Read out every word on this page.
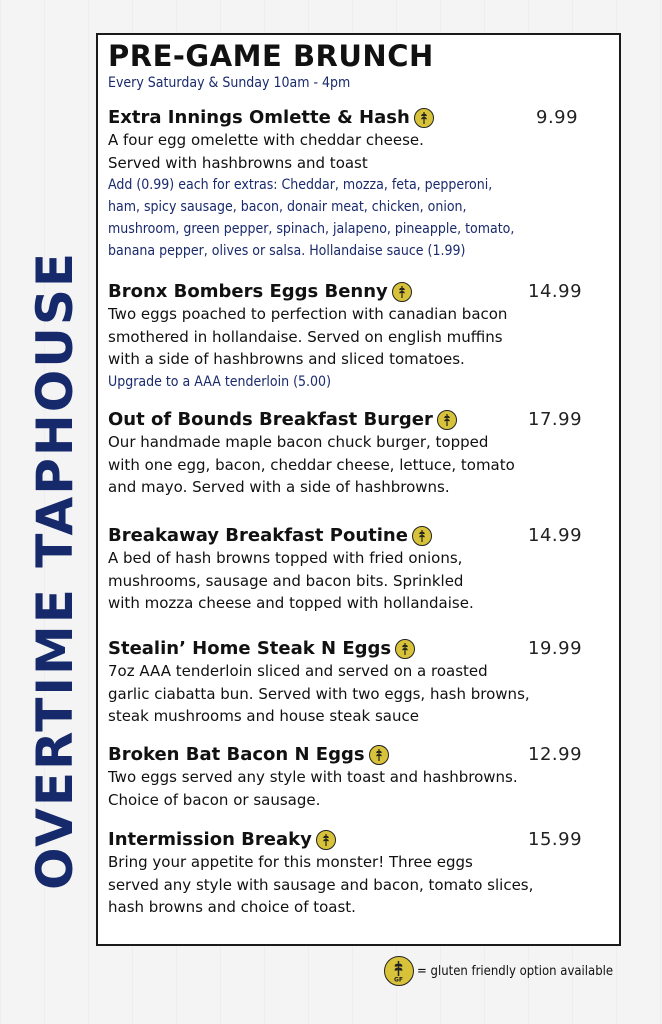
OVERTIME TAPHOUSE
PRE-GAME BRUNCH
Every Saturday & Sunday 10am - 4pm
Extra Innings Omlette & Hash	9.99
A four egg omelette with cheddar cheese.
Served with hashbrowns and toast
Add (0.99) each for extras: Cheddar, mozza, feta, pepperoni,
ham, spicy sausage, bacon, donair meat, chicken, onion,
mushroom, green pepper, spinach, jalapeno, pineapple, tomato,
banana pepper, olives or salsa. Hollandaise sauce (1.99)
Bronx Bombers Eggs Benny	14.99
Two eggs poached to perfection with canadian bacon
smothered in hollandaise. Served on english muffins
with a side of hashbrowns and sliced tomatoes.
Upgrade to a AAA tenderloin (5.00)
Out of Bounds Breakfast Burger	17.99
Our handmade maple bacon chuck burger, topped
with one egg, bacon, cheddar cheese, lettuce, tomato
and mayo. Served with a side of hashbrowns.
Breakaway Breakfast Poutine	14.99
A bed of hash browns topped with fried onions,
mushrooms, sausage and bacon bits. Sprinkled
with mozza cheese and topped with hollandaise.
Stealin’ Home Steak N Eggs	19.99
7oz AAA tenderloin sliced and served on a roasted
garlic ciabatta bun. Served with two eggs, hash browns,
steak mushrooms and house steak sauce
Broken Bat Bacon N Eggs	12.99
Two eggs served any style with toast and hashbrowns.
Choice of bacon or sausage.
Intermission Breaky	15.99
Bring your appetite for this monster! Three eggs
served any style with sausage and bacon, tomato slices,
hash browns and choice of toast.
GF
= gluten friendly option available
